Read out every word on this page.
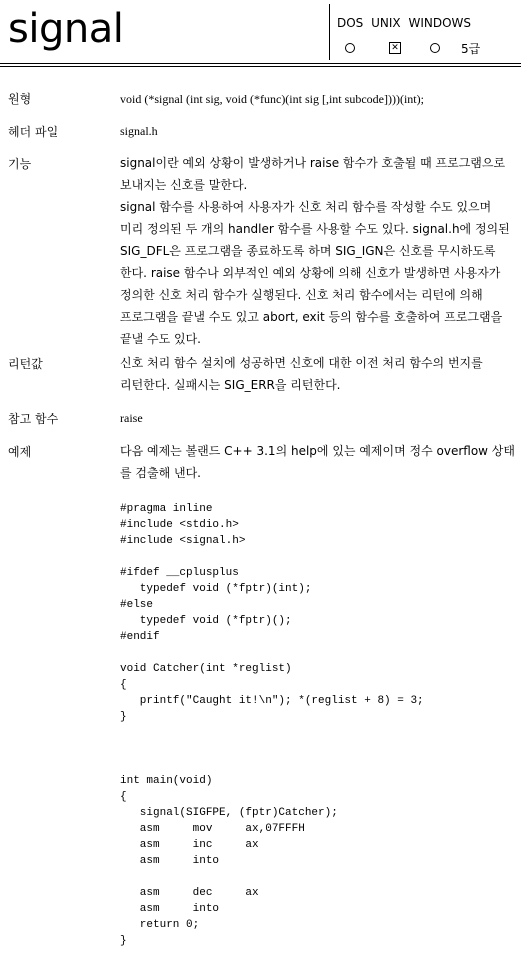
signal	DOS UNIX WINDOWS
✕	5급
원형	void (*signal (int sig, void (*func)(int sig [,int subcode])))(int);
헤더 파일	signal.h
기능	signal이란 예외 상황이 발생하거나 raise 함수가 호출될 때 프로그램으로
보내지는 신호를 말한다.
signal 함수를 사용하여 사용자가 신호 처리 함수를 작성할 수도 있으며
미리 정의된 두 개의 handler 함수를 사용할 수도 있다. signal.h에 정의된
SIG_DFL은 프로그램을 종료하도록 하며 SIG_IGN은 신호를 무시하도록
한다. raise 함수나 외부적인 예외 상황에 의해 신호가 발생하면 사용자가
정의한 신호 처리 함수가 실행된다. 신호 처리 함수에서는 리턴에 의해
프로그램을 끝낼 수도 있고 abort, exit 등의 함수를 호출하여 프로그램을
끝낼 수도 있다.
리턴값	신호 처리 함수 설치에 성공하면 신호에 대한 이전 처리 함수의 번지를
리턴한다. 실패시는 SIG_ERR을 리턴한다.
참고 함수	raise
예제	다음 예제는 볼랜드 C++ 3.1의 help에 있는 예제이며 정수 overflow 상태
를 검출해 낸다.
#pragma inline
#include <stdio.h>
#include <signal.h>

#ifdef __cplusplus
typedef void (*fptr)(int);
#else
typedef void (*fptr)();
#endif

void Catcher(int *reglist)
{
printf("Caught it!\n"); *(reglist + 8) = 3;
}

int main(void)
{
signal(SIGFPE, (fptr)Catcher);
asm     mov     ax,07FFFH
asm     inc     ax
asm     into

asm     dec     ax
asm     into
return 0;
}
